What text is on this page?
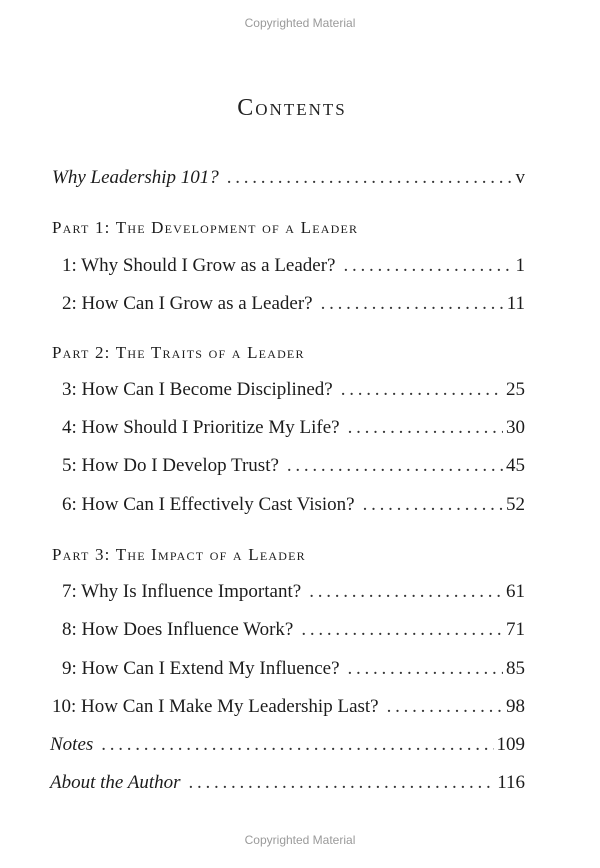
Copyrighted Material
Contents
Why Leadership 101? . . .	v
Part 1: The Development of a Leader
1: Why Should I Grow as a Leader? . . .	1
2: How Can I Grow as a Leader? . . .	11
Part 2: The Traits of a Leader
3: How Can I Become Disciplined? . . .	25
4: How Should I Prioritize My Life? . . .	30
5: How Do I Develop Trust? . . .	45
6: How Can I Effectively Cast Vision? . . .	52
Part 3: The Impact of a Leader
7: Why Is Influence Important? . . .	61
8: How Does Influence Work? . . .	71
9: How Can I Extend My Influence? . . .	85
10: How Can I Make My Leadership Last? . . .	98
Notes . . .	109
About the Author . . .	116
Copyrighted Material
